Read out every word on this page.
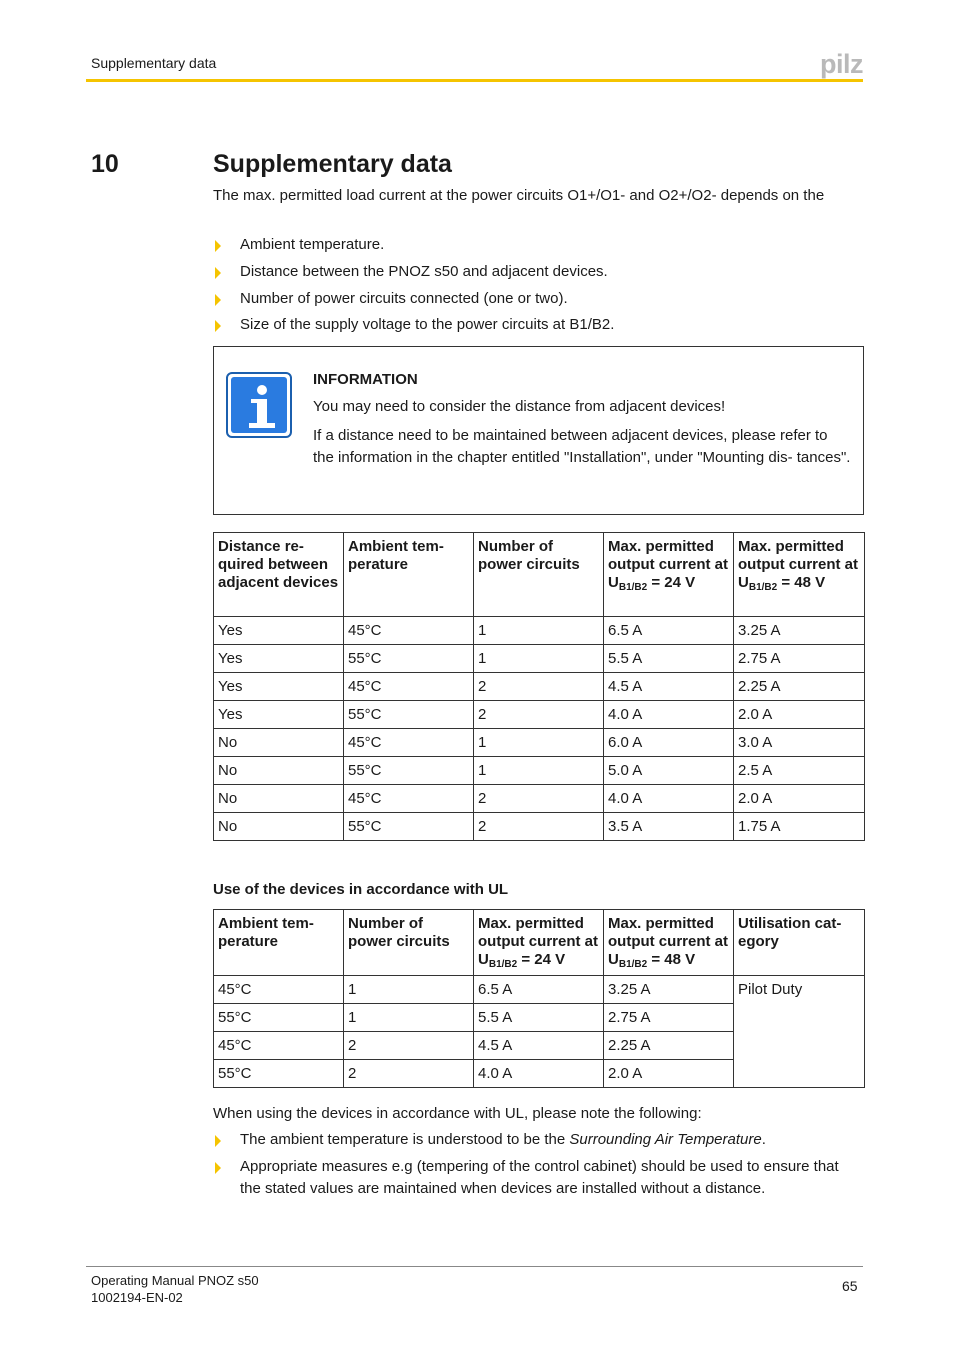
Supplementary data	pilz
10	Supplementary data
The max. permitted load current at the power circuits O1+/O1- and O2+/O2- depends on the
Ambient temperature.
Distance between the PNOZ s50 and adjacent devices.
Number of power circuits connected (one or two).
Size of the supply voltage to the power circuits at B1/B2.
INFORMATION
You may need to consider the distance from adjacent devices!
If a distance need to be maintained between adjacent devices, please refer to the information in the chapter entitled "Installation", under "Mounting dis- tances".
Distance re- quired between adjacent devices	Ambient tem- perature	Number of power circuits	Max. permitted output current at $U_{B1/B2} = 24$ V	Max. permitted output current at $U_{B1/B2} = 48$ V
Yes	45°C	1	6.5 A	3.25 A
Yes	55°C	1	5.5 A	2.75 A
Yes	45°C	2	4.5 A	2.25 A
Yes	55°C	2	4.0 A	2.0 A
No	45°C	1	6.0 A	3.0 A
No	55°C	1	5.0 A	2.5 A
No	45°C	2	4.0 A	2.0 A
No	55°C	2	3.5 A	1.75 A
Use of the devices in accordance with UL
Ambient tem- perature	Number of power circuits	Max. permitted output current at $U_{B1/B2} = 24$ V	Max. permitted output current at $U_{B1/B2} = 48$ V	Utilisation cat- egory
45°C	1	6.5 A	3.25 A	Pilot Duty
55°C	1	5.5 A	2.75 A	
45°C	2	4.5 A	2.25 A	
55°C	2	4.0 A	2.0 A	
When using the devices in accordance with UL, please note the following:
The ambient temperature is understood to be the Surrounding Air Temperature.
Appropriate measures e.g (tempering of the control cabinet) should be used to ensure that the stated values are maintained when devices are installed without a distance.
Operating Manual PNOZ s50
1002194-EN-02
65
